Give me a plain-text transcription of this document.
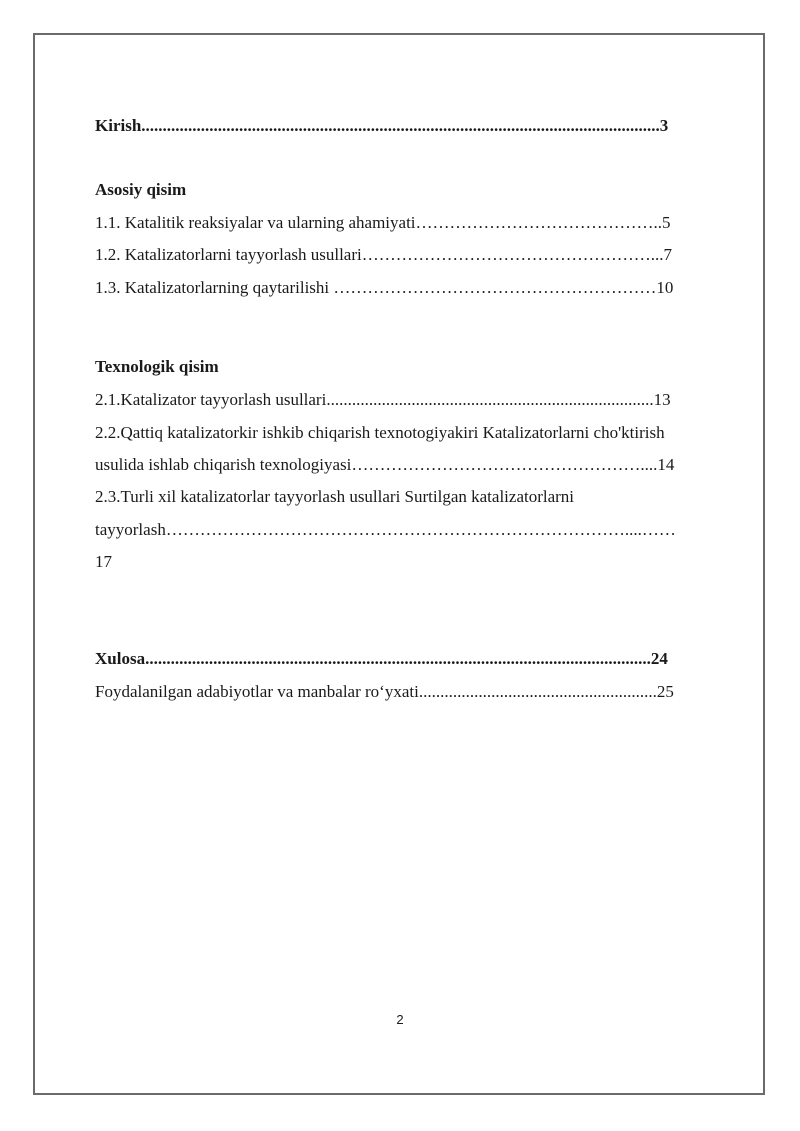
Kirish..........................................................................................................................3
Asosiy qisim
1.1. Katalitik reaksiyalar va ularning ahamiyati……………………………………..5
1.2. Katalizatorlarni tayyorlash usullari……………………………………………...7
1.3. Katalizatorlarning qaytarilishi …………………………………………………10
Texnologik qisim
2.1.Katalizator tayyorlash usullari.............................................................................13
2.2.Qattiq katalizatorkir ishkib chiqarish texnotogiyakiri Katalizatorlarni cho'ktirish
usulida ishlab chiqarish texnologiyasi……………………………………………....14
2.3.Turli xil katalizatorlar tayyorlash usullari Surtilgan katalizatorlarni
tayyorlash………………………………………………………………………....……
17
Xulosa.......................................................................................................................24
Foydalanilgan adabiyotlar va manbalar ro‘yxati........................................................25
2
